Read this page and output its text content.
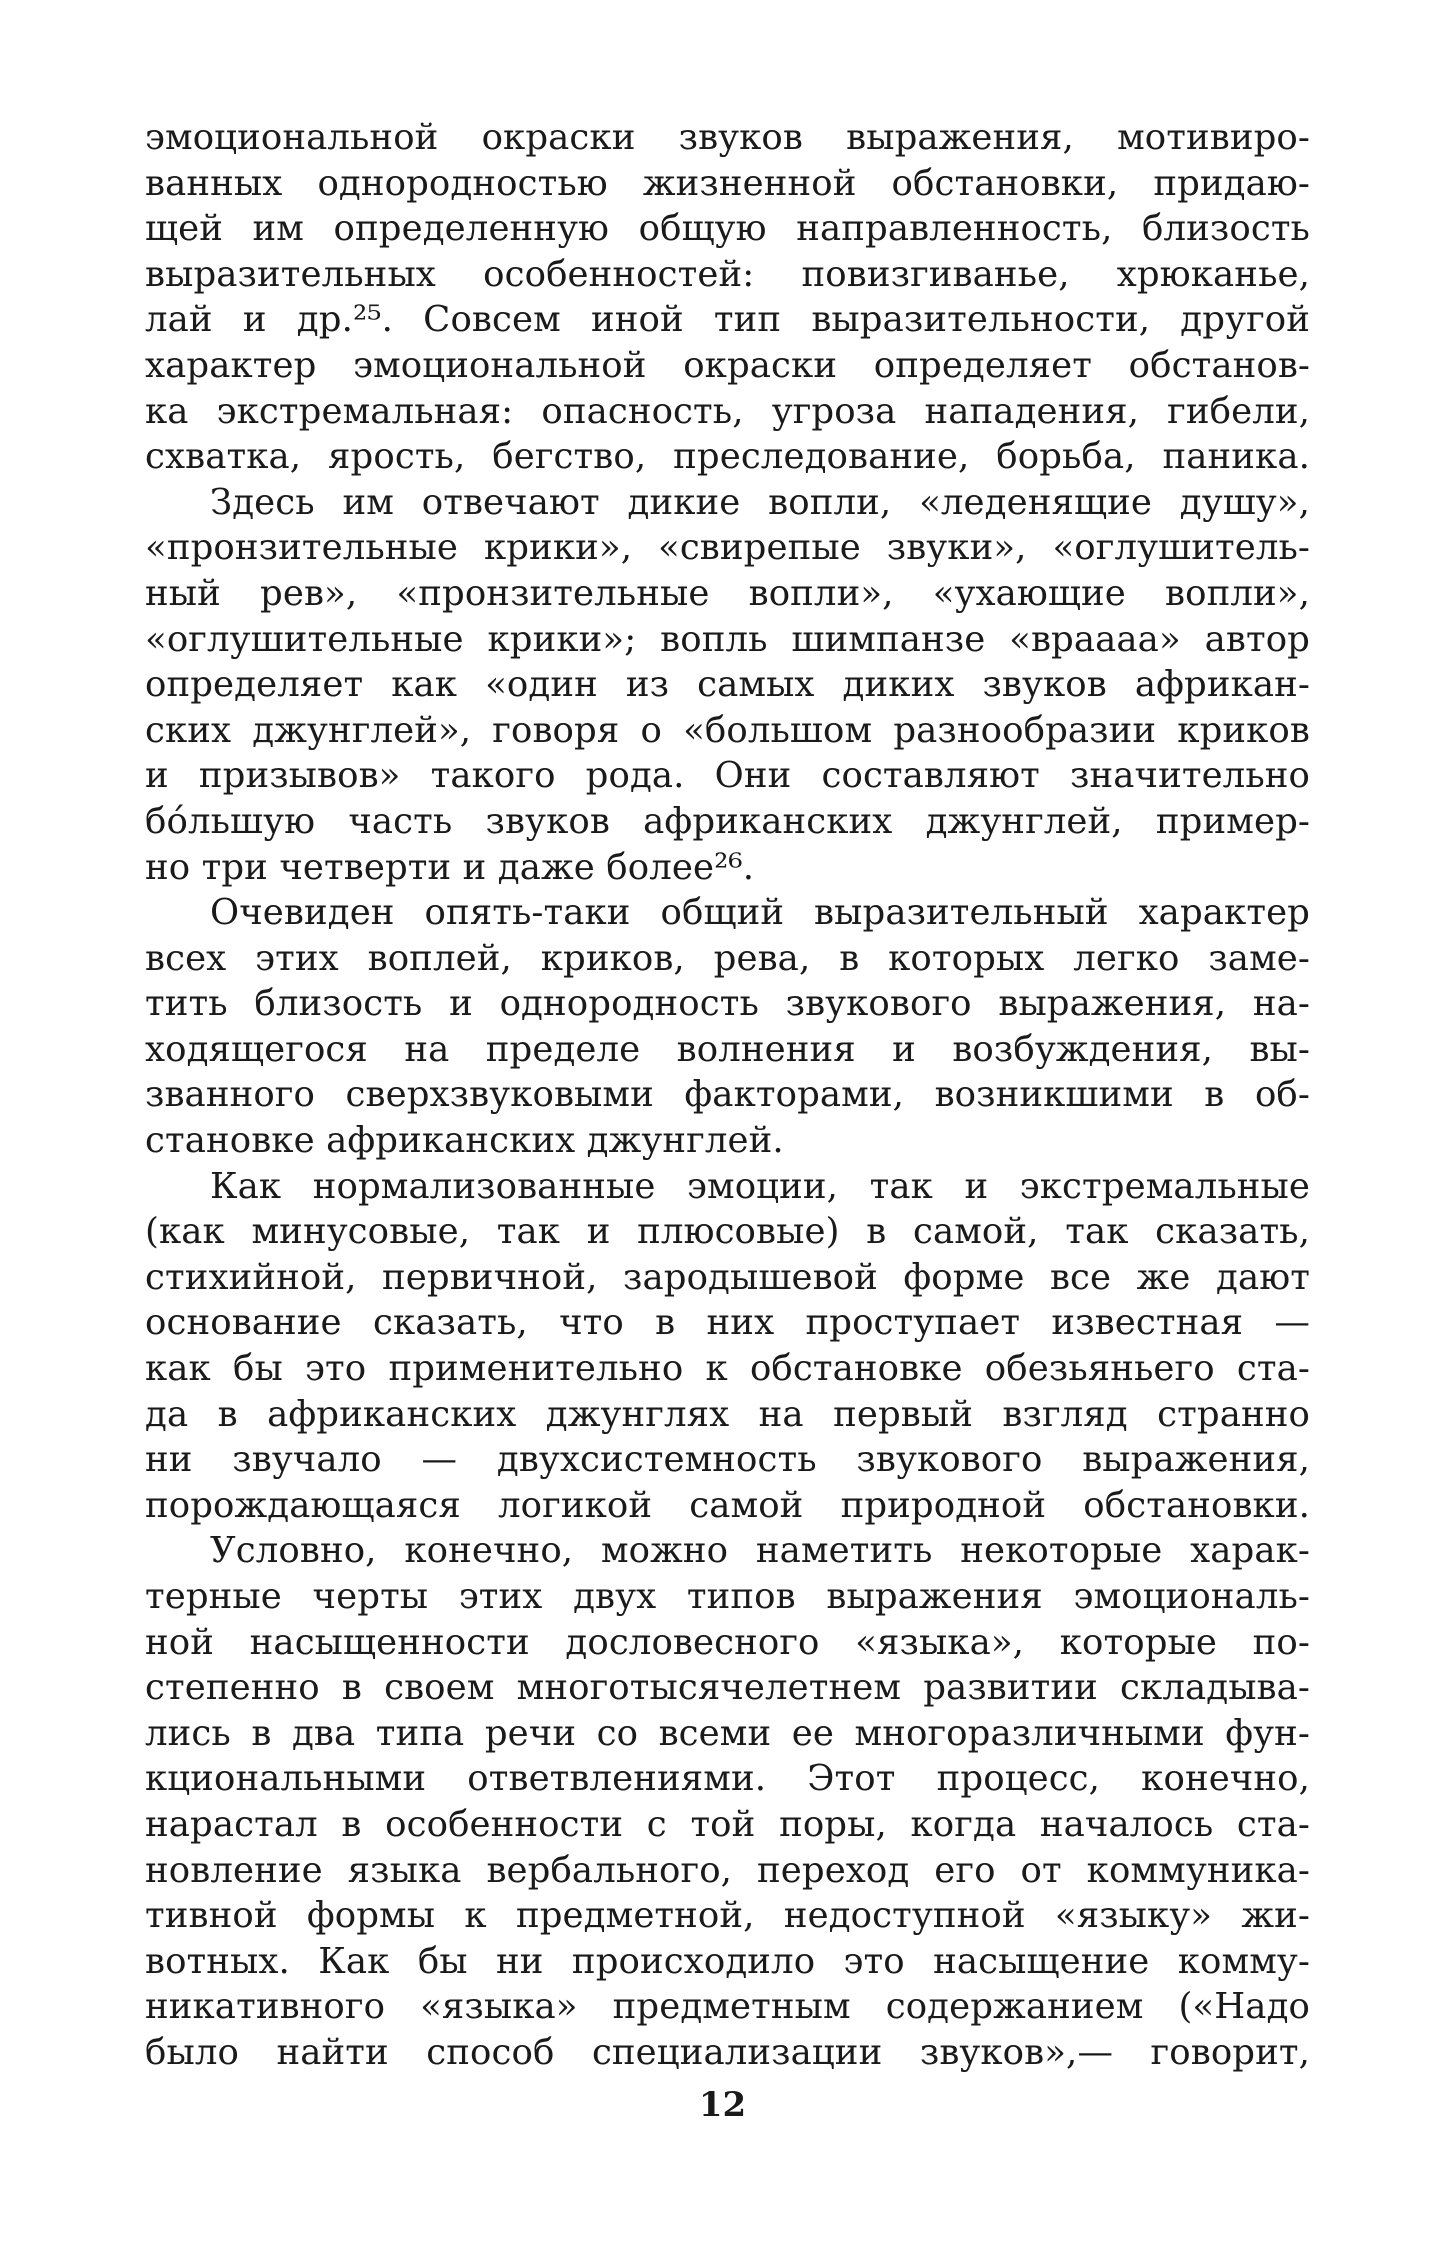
эмоциональной окраски звуков выражения, мотивиро-
ванных однородностью жизненной обстановки, придаю-
щей им определенную общую направленность, близость
выразительных особенностей: повизгиванье, хрюканье,
лай и др.²⁵. Совсем иной тип выразительности, другой
характер эмоциональной окраски определяет обстанов-
ка экстремальная: опасность, угроза нападения, гибели,
схватка, ярость, бегство, преследование, борьба, паника.
Здесь им отвечают дикие вопли, «леденящие душу»,
«пронзительные крики», «свирепые звуки», «оглушитель-
ный рев», «пронзительные вопли», «ухающие вопли»,
«оглушительные крики»; вопль шимпанзе «враааа» автор
определяет как «один из самых диких звуков африкан-
ских джунглей», говоря о «большом разнообразии криков
и призывов» такого рода. Они составляют значительно
бóльшую часть звуков африканских джунглей, пример-
но три четверти и даже более²⁶.
Очевиден опять-таки общий выразительный характер
всех этих воплей, криков, рева, в которых легко заме-
тить близость и однородность звукового выражения, на-
ходящегося на пределе волнения и возбуждения, вы-
званного сверхзвуковыми факторами, возникшими в об-
становке африканских джунглей.
Как нормализованные эмоции, так и экстремальные
(как минусовые, так и плюсовые) в самой, так сказать,
стихийной, первичной, зародышевой форме все же дают
основание сказать, что в них проступает известная —
как бы это применительно к обстановке обезьяньего ста-
да в африканских джунглях на первый взгляд странно
ни звучало — двухсистемность звукового выражения,
порождающаяся логикой самой природной обстановки.
Условно, конечно, можно наметить некоторые харак-
терные черты этих двух типов выражения эмоциональ-
ной насыщенности дословесного «языка», которые по-
степенно в своем многотысячелетнем развитии складыва-
лись в два типа речи со всеми ее многоразличными фун-
кциональными ответвлениями. Этот процесс, конечно,
нарастал в особенности с той поры, когда началось ста-
новление языка вербального, переход его от коммуника-
тивной формы к предметной, недоступной «языку» жи-
вотных. Как бы ни происходило это насыщение комму-
никативного «языка» предметным содержанием («Надо
было найти способ специализации звуков»,— говорит,
12
